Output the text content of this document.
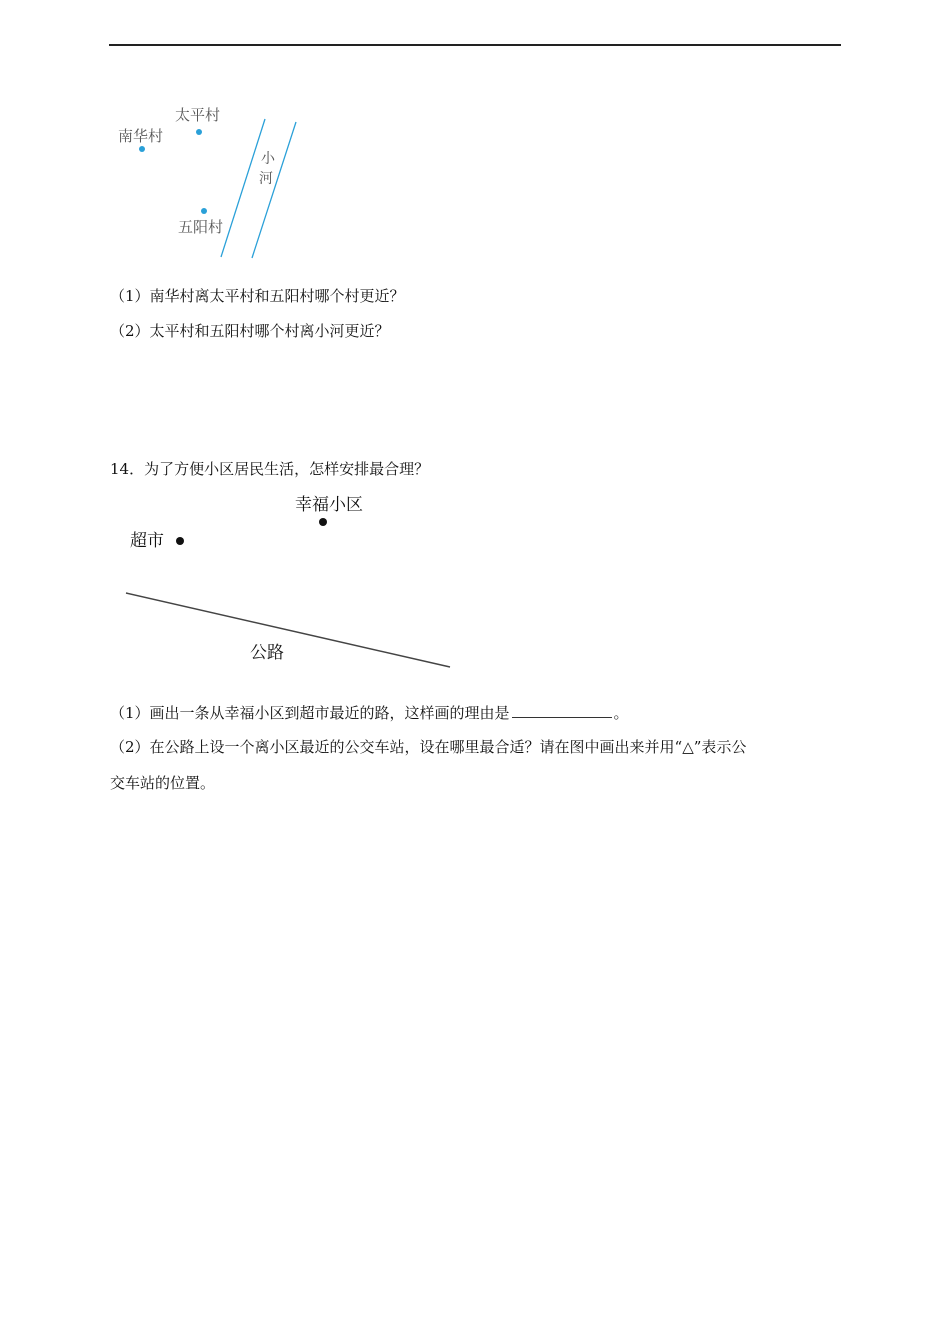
南华村
太平村
五阳村
小
河
（1）南华村离太平村和五阳村哪个村更近？
（2）太平村和五阳村哪个村离小河更近？
14．为了方便小区居民生活，怎样安排最合理？
幸福小区
超市
公路
（1）画出一条从幸福小区到超市最近的路，这样画的理由是	。
（2）在公路上设一个离小区最近的公交车站，设在哪里最合适？请在图中画出来并用“△”表示公
交车站的位置。
